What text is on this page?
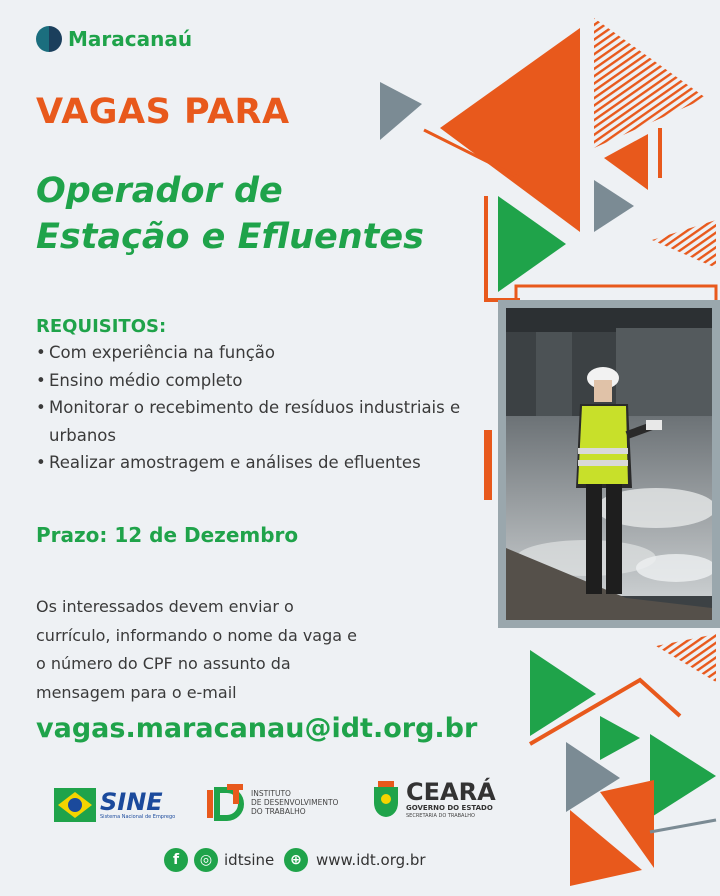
Maracanaú
VAGAS PARA
Operador de
Estação e Efluentes
REQUISITOS:
• Com experiência na função
• Ensino médio completo
• Monitorar o recebimento de resíduos industriais e urbanos
• Realizar amostragem e análises de efluentes
Prazo: 12 de Dezembro
Os interessados devem enviar o currículo, informando o nome da vaga e o número do CPF no assunto da mensagem para o e-mail
vagas.maracanau@idt.org.br
SINE
Sistema Nacional de Emprego
INSTITUTO
DE DESENVOLVIMENTO
DO TRABALHO
CEARÁ
GOVERNO DO ESTADO
SECRETARIA DO TRABALHO
f	◎ idtsine	⊕ www.idt.org.br
